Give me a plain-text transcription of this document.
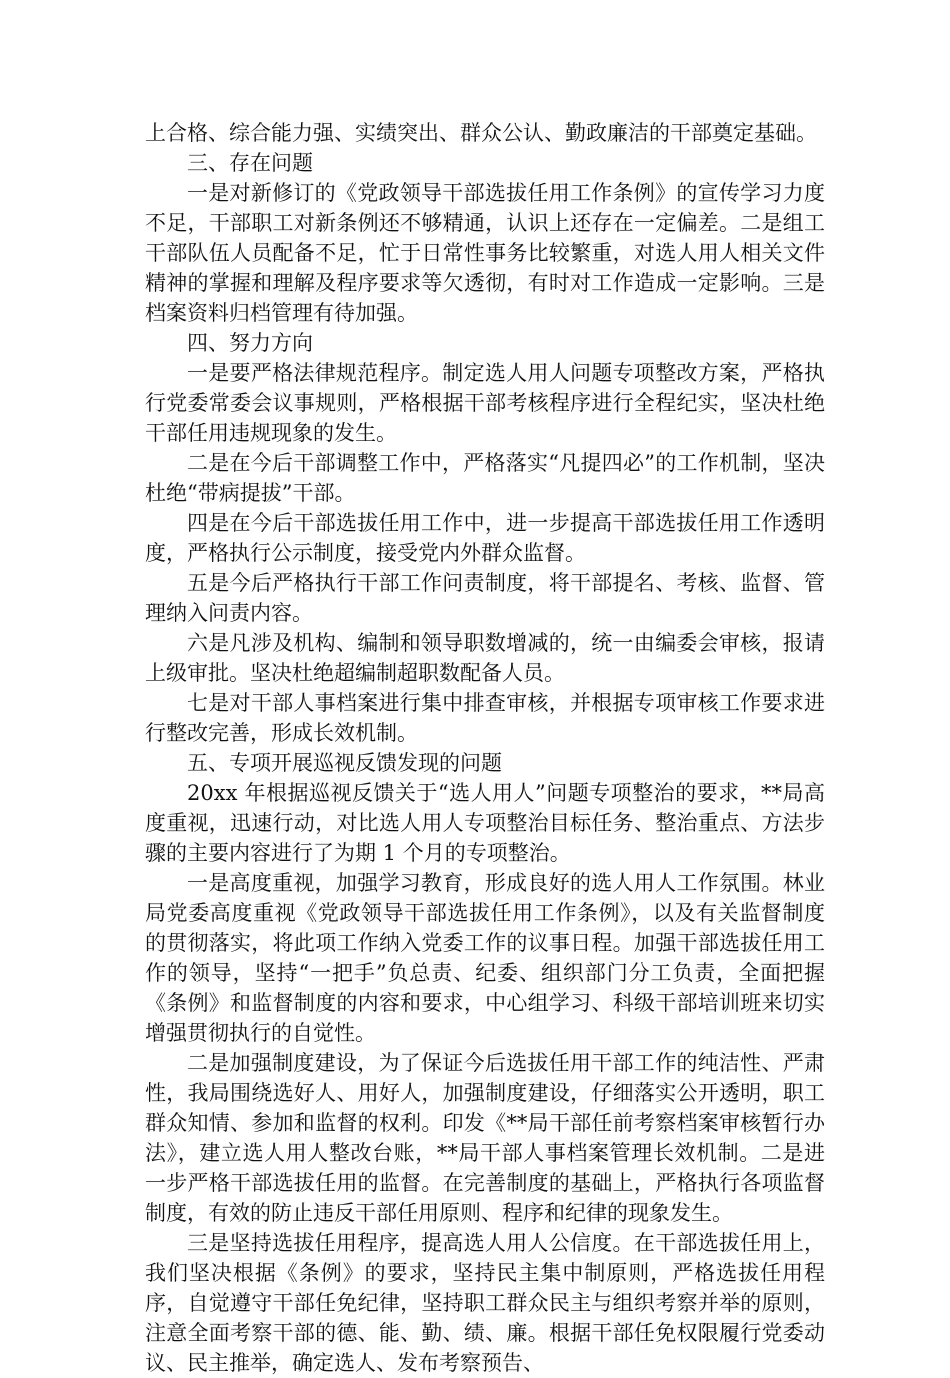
上合格、综合能力强、实绩突出、群众公认、勤政廉洁的干部奠定基础。

三、存在问题

一是对新修订的《党政领导干部选拔任用工作条例》的宣传学习力度不足，干部职工对新条例还不够精通，认识上还存在一定偏差。二是组工干部队伍人员配备不足，忙于日常性事务比较繁重，对选人用人相关文件精神的掌握和理解及程序要求等欠透彻，有时对工作造成一定影响。三是档案资料归档管理有待加强。

四、努力方向

一是要严格法律规范程序。制定选人用人问题专项整改方案，严格执行党委常委会议事规则，严格根据干部考核程序进行全程纪实，坚决杜绝干部任用违规现象的发生。

二是在今后干部调整工作中，严格落实“凡提四必”的工作机制，坚决杜绝“带病提拔”干部。

四是在今后干部选拔任用工作中，进一步提高干部选拔任用工作透明度，严格执行公示制度，接受党内外群众监督。

五是今后严格执行干部工作问责制度，将干部提名、考核、监督、管理纳入问责内容。

六是凡涉及机构、编制和领导职数增减的，统一由编委会审核，报请上级审批。坚决杜绝超编制超职数配备人员。

七是对干部人事档案进行集中排查审核，并根据专项审核工作要求进行整改完善，形成长效机制。

五、专项开展巡视反馈发现的问题

20xx 年根据巡视反馈关于“选人用人”问题专项整治的要求，**局高度重视，迅速行动，对比选人用人专项整治目标任务、整治重点、方法步骤的主要内容进行了为期 1 个月的专项整治。

一是高度重视，加强学习教育，形成良好的选人用人工作氛围。林业局党委高度重视《党政领导干部选拔任用工作条例》，以及有关监督制度的贯彻落实，将此项工作纳入党委工作的议事日程。加强干部选拔任用工作的领导，坚持“一把手”负总责、纪委、组织部门分工负责，全面把握《条例》和监督制度的内容和要求，中心组学习、科级干部培训班来切实增强贯彻执行的自觉性。

二是加强制度建设，为了保证今后选拔任用干部工作的纯洁性、严肃性，我局围绕选好人、用好人，加强制度建设，仔细落实公开透明，职工群众知情、参加和监督的权利。印发《**局干部任前考察档案审核暂行办法》，建立选人用人整改台账，**局干部人事档案管理长效机制。二是进一步严格干部选拔任用的监督。在完善制度的基础上，严格执行各项监督制度，有效的防止违反干部任用原则、程序和纪律的现象发生。

三是坚持选拔任用程序，提高选人用人公信度。在干部选拔任用上，我们坚决根据《条例》的要求，坚持民主集中制原则，严格选拔任用程序，自觉遵守干部任免纪律，坚持职工群众民主与组织考察并举的原则，注意全面考察干部的德、能、勤、绩、廉。根据干部任免权限履行党委动议、民主推举，确定选人、发布考察预告、
